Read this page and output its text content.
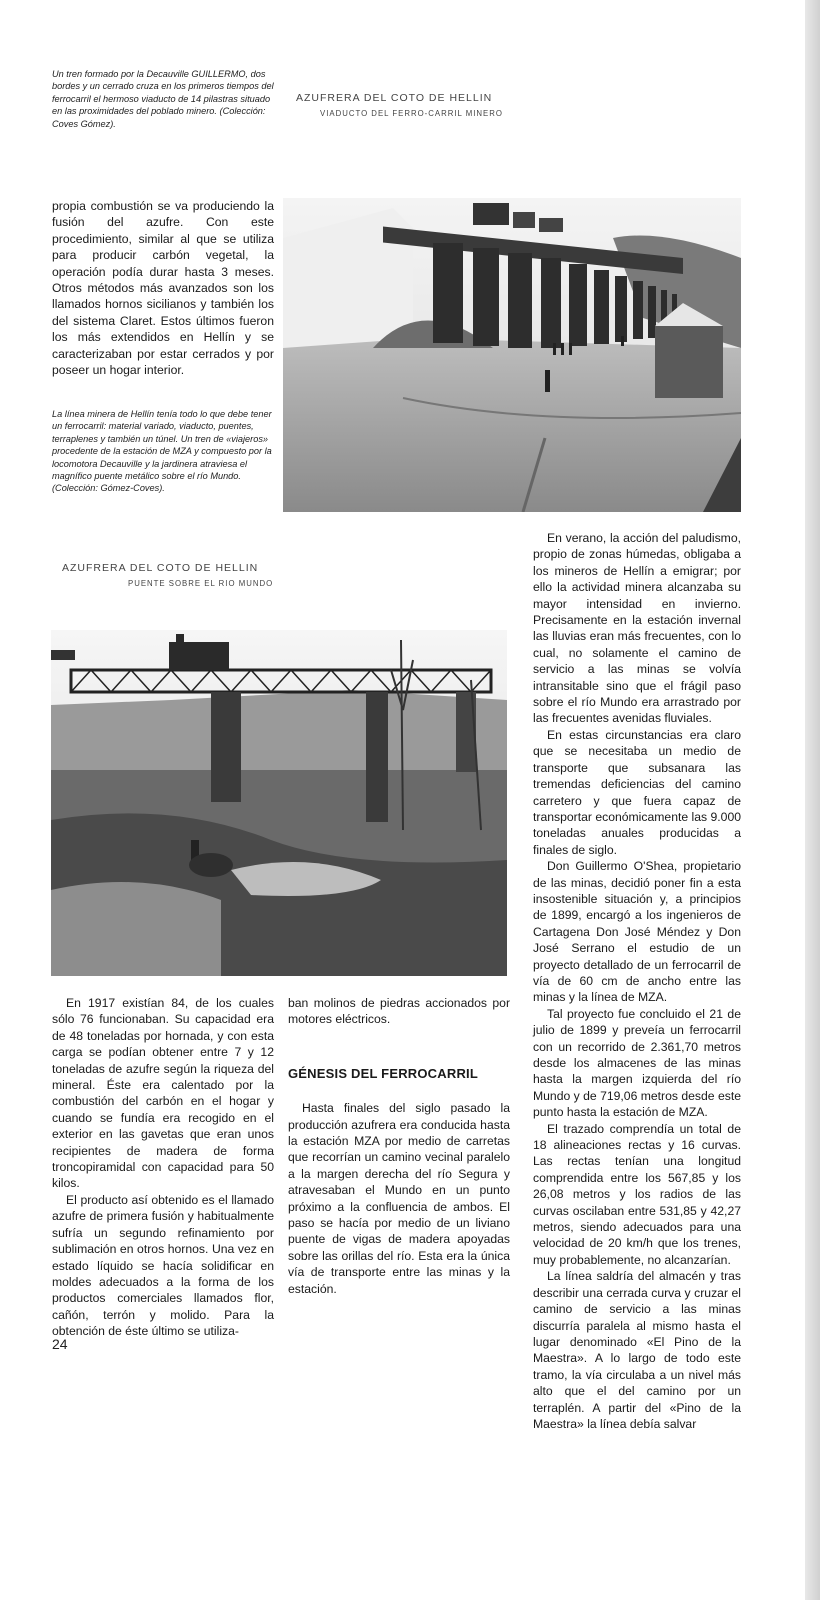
Un tren formado por la Decauville GUILLERMO, dos bordes y un cerrado cruza en los primeros tiempos del ferrocarril el hermoso viaducto de 14 pilastras situado en las proximidades del poblado minero. (Colección: Coves Gómez).
AZUFRERA DEL COTO DE HELLIN
VIADUCTO DEL FERRO-CARRIL MINERO

propia combustión se va produciendo la fusión del azufre. Con este procedimiento, similar al que se utiliza para producir carbón vegetal, la operación podía durar hasta 3 meses. Otros métodos más avanzados son los llamados hornos sicilianos y también los del sistema Claret. Estos últimos fueron los más extendidos en Hellín y se caracterizaban por estar cerrados y por poseer un hogar interior.

La línea minera de Hellín tenía todo lo que debe tener un ferrocarril: material variado, viaducto, puentes, terraplenes y también un túnel. Un tren de «viajeros» procedente de la estación de MZA y compuesto por la locomotora Decauville y la jardinera atraviesa el magnífico puente metálico sobre el río Mundo. (Colección: Gómez-Coves).
AZUFRERA DEL COTO DE HELLIN
PUENTE SOBRE EL RIO MUNDO

En verano, la acción del paludismo, propio de zonas húmedas, obligaba a los mineros de Hellín a emigrar; por ello la actividad minera alcanzaba su mayor intensidad en invierno. Precisamente en la estación invernal las lluvias eran más frecuentes, con lo cual, no solamente el camino de servicio a las minas se volvía intransitable sino que el frágil paso sobre el río Mundo era arrastrado por las frecuentes avenidas fluviales.

En estas circunstancias era claro que se necesitaba un medio de transporte que subsanara las tremendas deficiencias del camino carretero y que fuera capaz de transportar económicamente las 9.000 toneladas anuales producidas a finales de siglo.

Don Guillermo O'Shea, propietario de las minas, decidió poner fin a esta insostenible situación y, a principios de 1899, encargó a los ingenieros de Cartagena Don José Méndez y Don José Serrano el estudio de un proyecto detallado de un ferrocarril de vía de 60 cm de ancho entre las minas y la línea de MZA.

Tal proyecto fue concluido el 21 de julio de 1899 y preveía un ferrocarril con un recorrido de 2.361,70 metros desde los almacenes de las minas hasta la margen izquierda del río Mundo y de 719,06 metros desde este punto hasta la estación de MZA.

El trazado comprendía un total de 18 alineaciones rectas y 16 curvas. Las rectas tenían una longitud comprendida entre los 567,85 y los 26,08 metros y los radios de las curvas oscilaban entre 531,85 y 42,27 metros, siendo adecuados para una velocidad de 20 km/h que los trenes, muy probablemente, no alcanzarían.

La línea saldría del almacén y tras describir una cerrada curva y cruzar el camino de servicio a las minas discurría paralela al mismo hasta el lugar denominado «El Pino de la Maestra». A lo largo de todo este tramo, la vía circulaba a un nivel más alto que el del camino por un terraplén. A partir del «Pino de la Maestra» la línea debía salvar

En 1917 existían 84, de los cuales sólo 76 funcionaban. Su capacidad era de 48 toneladas por hornada, y con esta carga se podían obtener entre 7 y 12 toneladas de azufre según la riqueza del mineral. Éste era calentado por la combustión del carbón en el hogar y cuando se fundía era recogido en el exterior en las gavetas que eran unos recipientes de madera de forma troncopiramidal con capacidad para 50 kilos.

El producto así obtenido es el llamado azufre de primera fusión y habitualmente sufría un segundo refinamiento por sublimación en otros hornos. Una vez en estado líquido se hacía solidificar en moldes adecuados a la forma de los productos comerciales llamados flor, cañón, terrón y molido. Para la obtención de éste último se utiliza-

ban molinos de piedras accionados por motores eléctricos.

GÉNESIS DEL FERROCARRIL

Hasta finales del siglo pasado la producción azufrera era conducida hasta la estación MZA por medio de carretas que recorrían un camino vecinal paralelo a la margen derecha del río Segura y atravesaban el Mundo en un punto próximo a la confluencia de ambos. El paso se hacía por medio de un liviano puente de vigas de madera apoyadas sobre las orillas del río. Esta era la única vía de transporte entre las minas y la estación.

24
